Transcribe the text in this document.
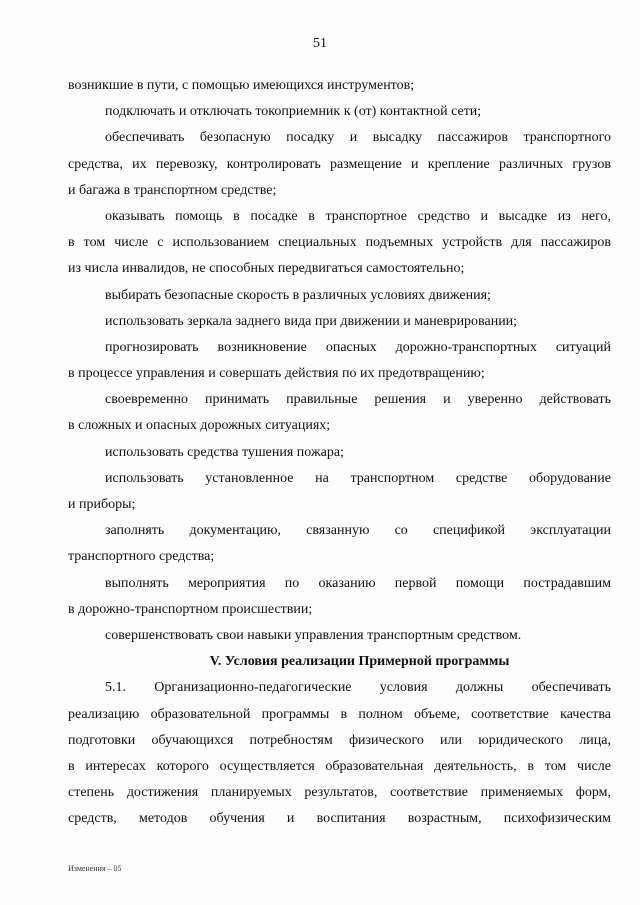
51
возникшие в пути, с помощью имеющихся инструментов;
подключать и отключать токоприемник к (от) контактной сети;
обеспечивать безопасную посадку и высадку пассажиров транспортного
средства, их перевозку, контролировать размещение и крепление различных грузов
и багажа в транспортном средстве;
оказывать помощь в посадке в транспортное средство и высадке из него,
в том числе с использованием специальных подъемных устройств для пассажиров
из числа инвалидов, не способных передвигаться самостоятельно;
выбирать безопасные скорость в различных условиях движения;
использовать зеркала заднего вида при движении и маневрировании;
прогнозировать возникновение опасных дорожно-транспортных ситуаций
в процессе управления и совершать действия по их предотвращению;
своевременно принимать правильные решения и уверенно действовать
в сложных и опасных дорожных ситуациях;
использовать средства тушения пожара;
использовать установленное на транспортном средстве оборудование
и приборы;
заполнять документацию, связанную со спецификой эксплуатации
транспортного средства;
выполнять мероприятия по оказанию первой помощи пострадавшим
в дорожно-транспортном происшествии;
совершенствовать свои навыки управления транспортным средством.
V. Условия реализации Примерной программы
5.1. Организационно-педагогические условия должны обеспечивать
реализацию образовательной программы в полном объеме, соответствие качества
подготовки обучающихся потребностям физического или юридического лица,
в интересах которого осуществляется образовательная деятельность, в том числе
степень достижения планируемых результатов, соответствие применяемых форм,
средств, методов обучения и воспитания возрастным, психофизическим
Изменения – 05
